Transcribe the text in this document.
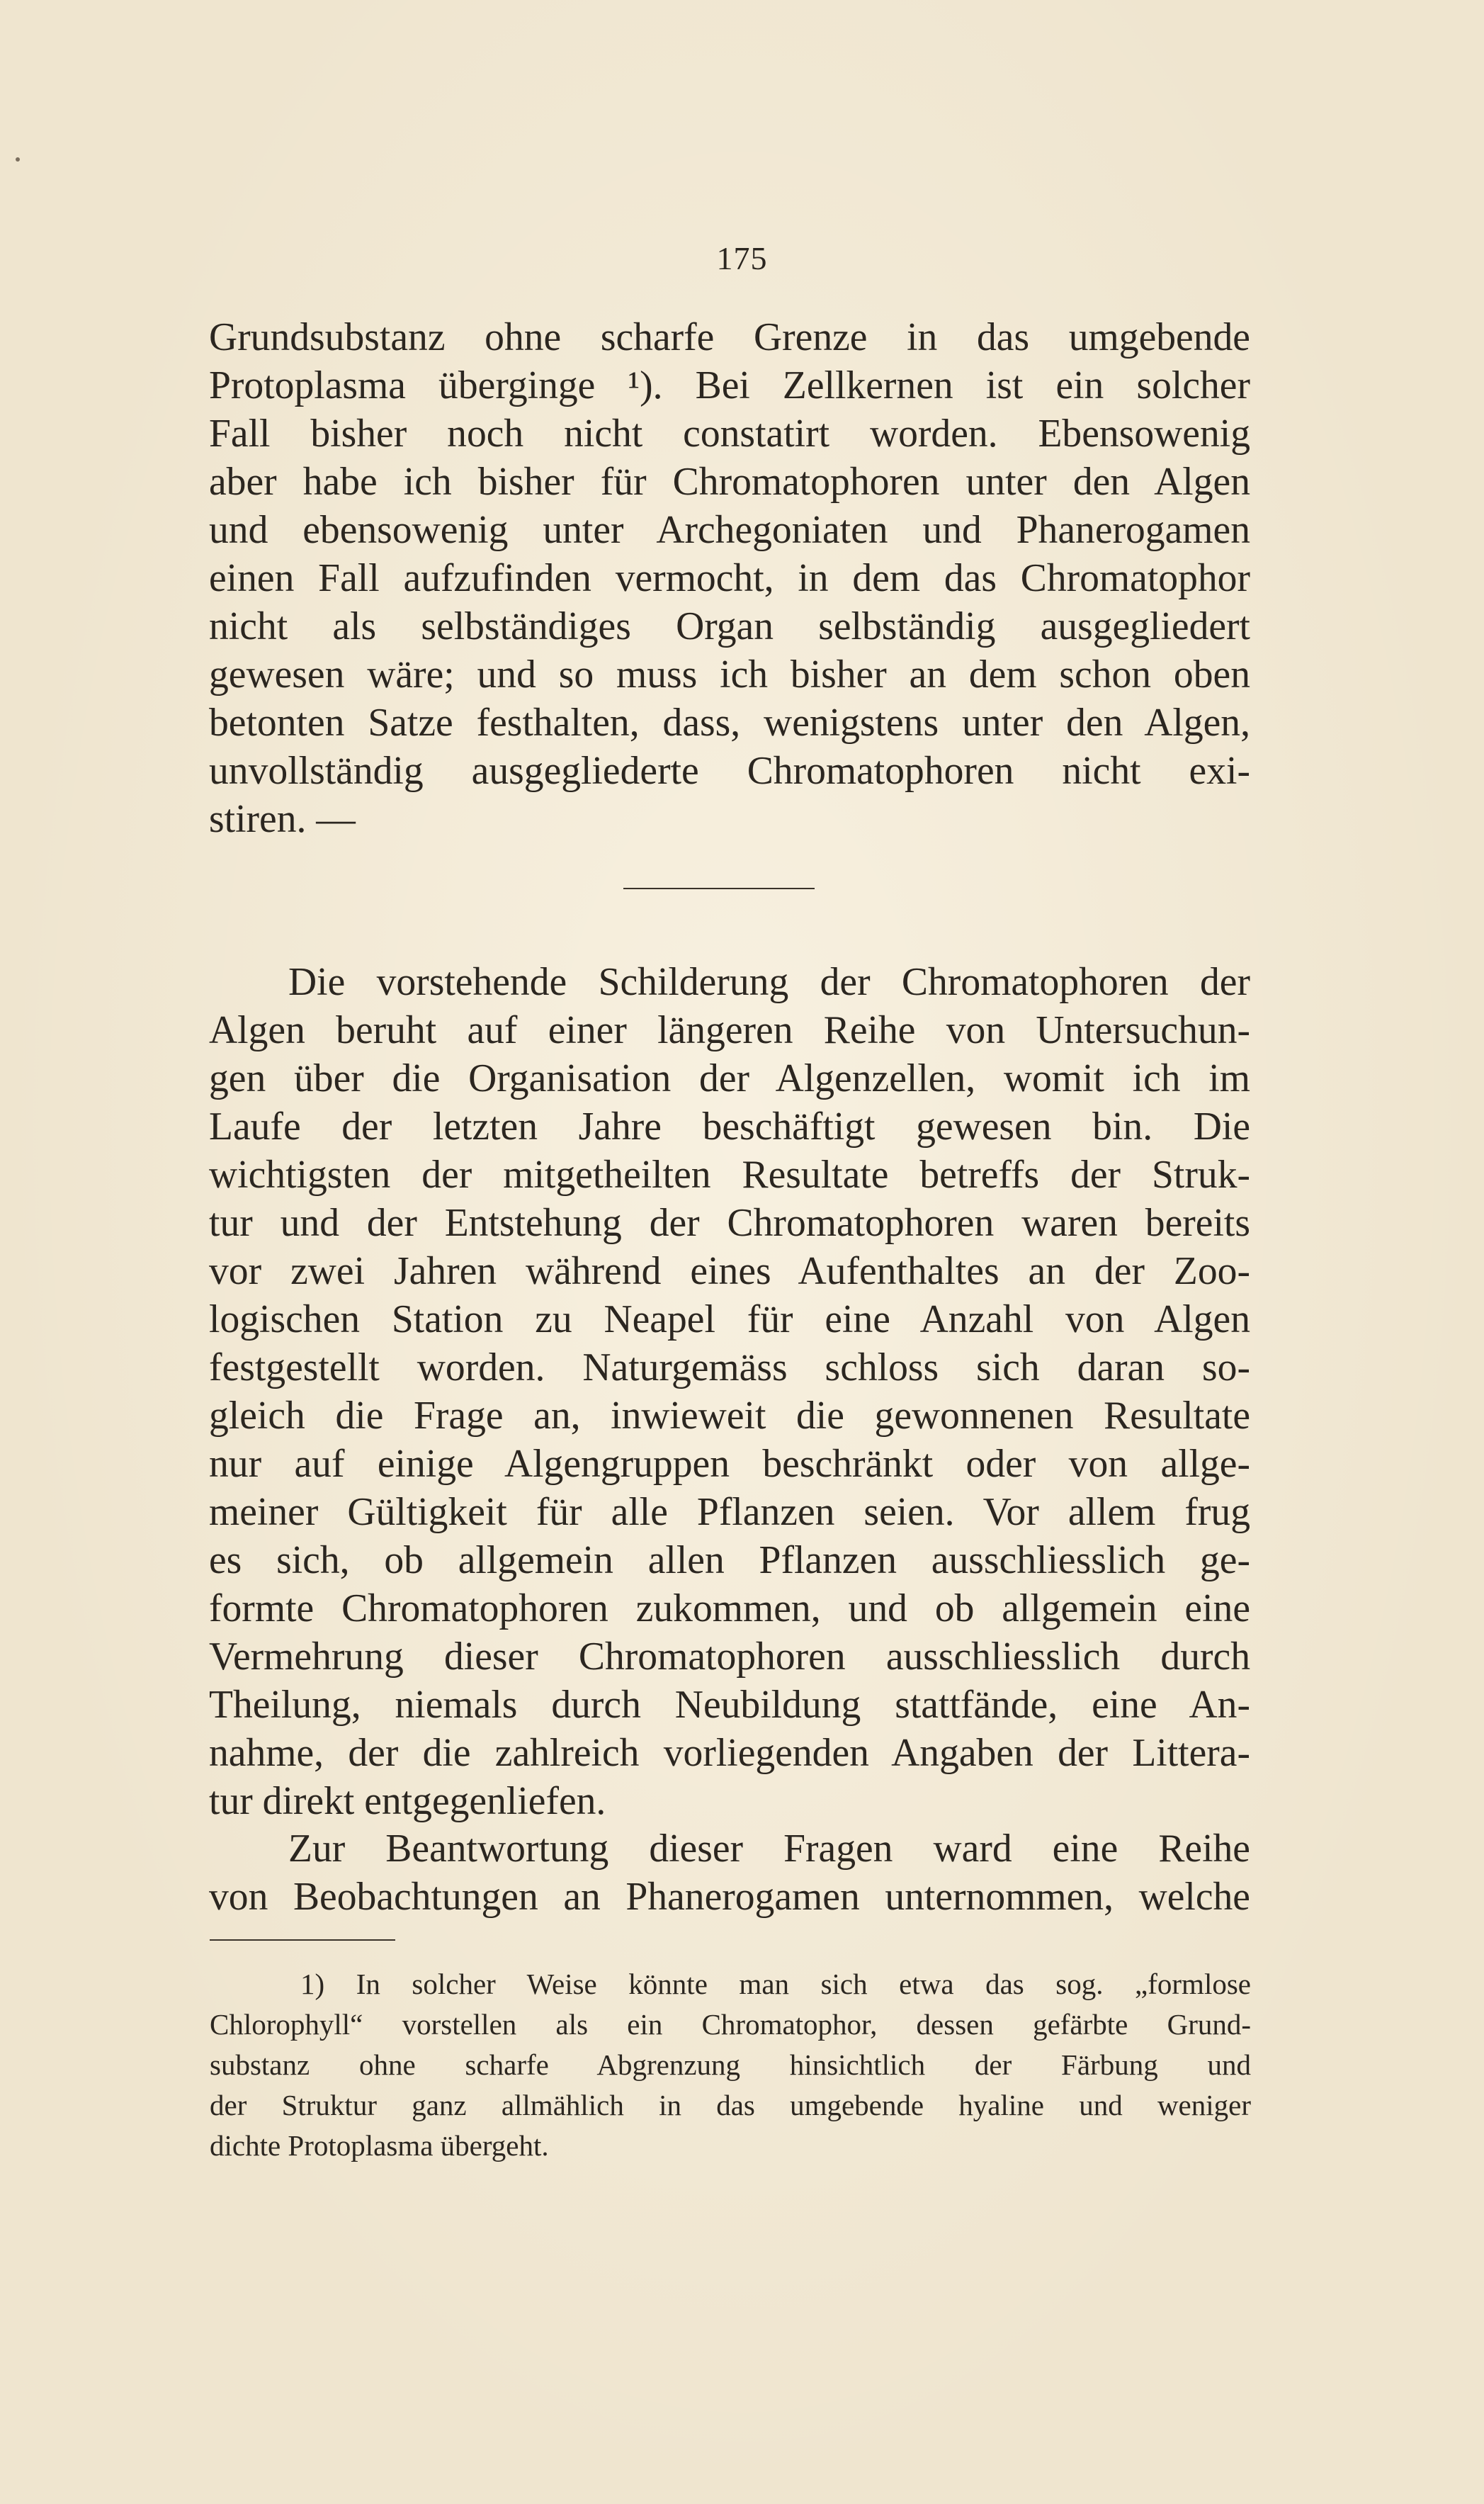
175
Grundsubstanz ohne scharfe Grenze in das umgebende
Protoplasma überginge ¹). Bei Zellkernen ist ein solcher
Fall bisher noch nicht constatirt worden. Ebensowenig
aber habe ich bisher für Chromatophoren unter den Algen
und ebensowenig unter Archegoniaten und Phanerogamen
einen Fall aufzufinden vermocht, in dem das Chromatophor
nicht als selbständiges Organ selbständig ausgegliedert
gewesen wäre; und so muss ich bisher an dem schon oben
betonten Satze festhalten, dass, wenigstens unter den Algen,
unvollständig ausgegliederte Chromatophoren nicht exi-
stiren. —
Die vorstehende Schilderung der Chromatophoren der
Algen beruht auf einer längeren Reihe von Untersuchun-
gen über die Organisation der Algenzellen, womit ich im
Laufe der letzten Jahre beschäftigt gewesen bin. Die
wichtigsten der mitgetheilten Resultate betreffs der Struk-
tur und der Entstehung der Chromatophoren waren bereits
vor zwei Jahren während eines Aufenthaltes an der Zoo-
logischen Station zu Neapel für eine Anzahl von Algen
festgestellt worden. Naturgemäss schloss sich daran so-
gleich die Frage an, inwieweit die gewonnenen Resultate
nur auf einige Algengruppen beschränkt oder von allge-
meiner Gültigkeit für alle Pflanzen seien. Vor allem frug
es sich, ob allgemein allen Pflanzen ausschliesslich ge-
formte Chromatophoren zukommen, und ob allgemein eine
Vermehrung dieser Chromatophoren ausschliesslich durch
Theilung, niemals durch Neubildung stattfände, eine An-
nahme, der die zahlreich vorliegenden Angaben der Littera-
tur direkt entgegenliefen.
Zur Beantwortung dieser Fragen ward eine Reihe
von Beobachtungen an Phanerogamen unternommen, welche
1) In solcher Weise könnte man sich etwa das sog. „formlose
Chlorophyll“ vorstellen als ein Chromatophor, dessen gefärbte Grund-
substanz ohne scharfe Abgrenzung hinsichtlich der Färbung und
der Struktur ganz allmählich in das umgebende hyaline und weniger
dichte Protoplasma übergeht.
